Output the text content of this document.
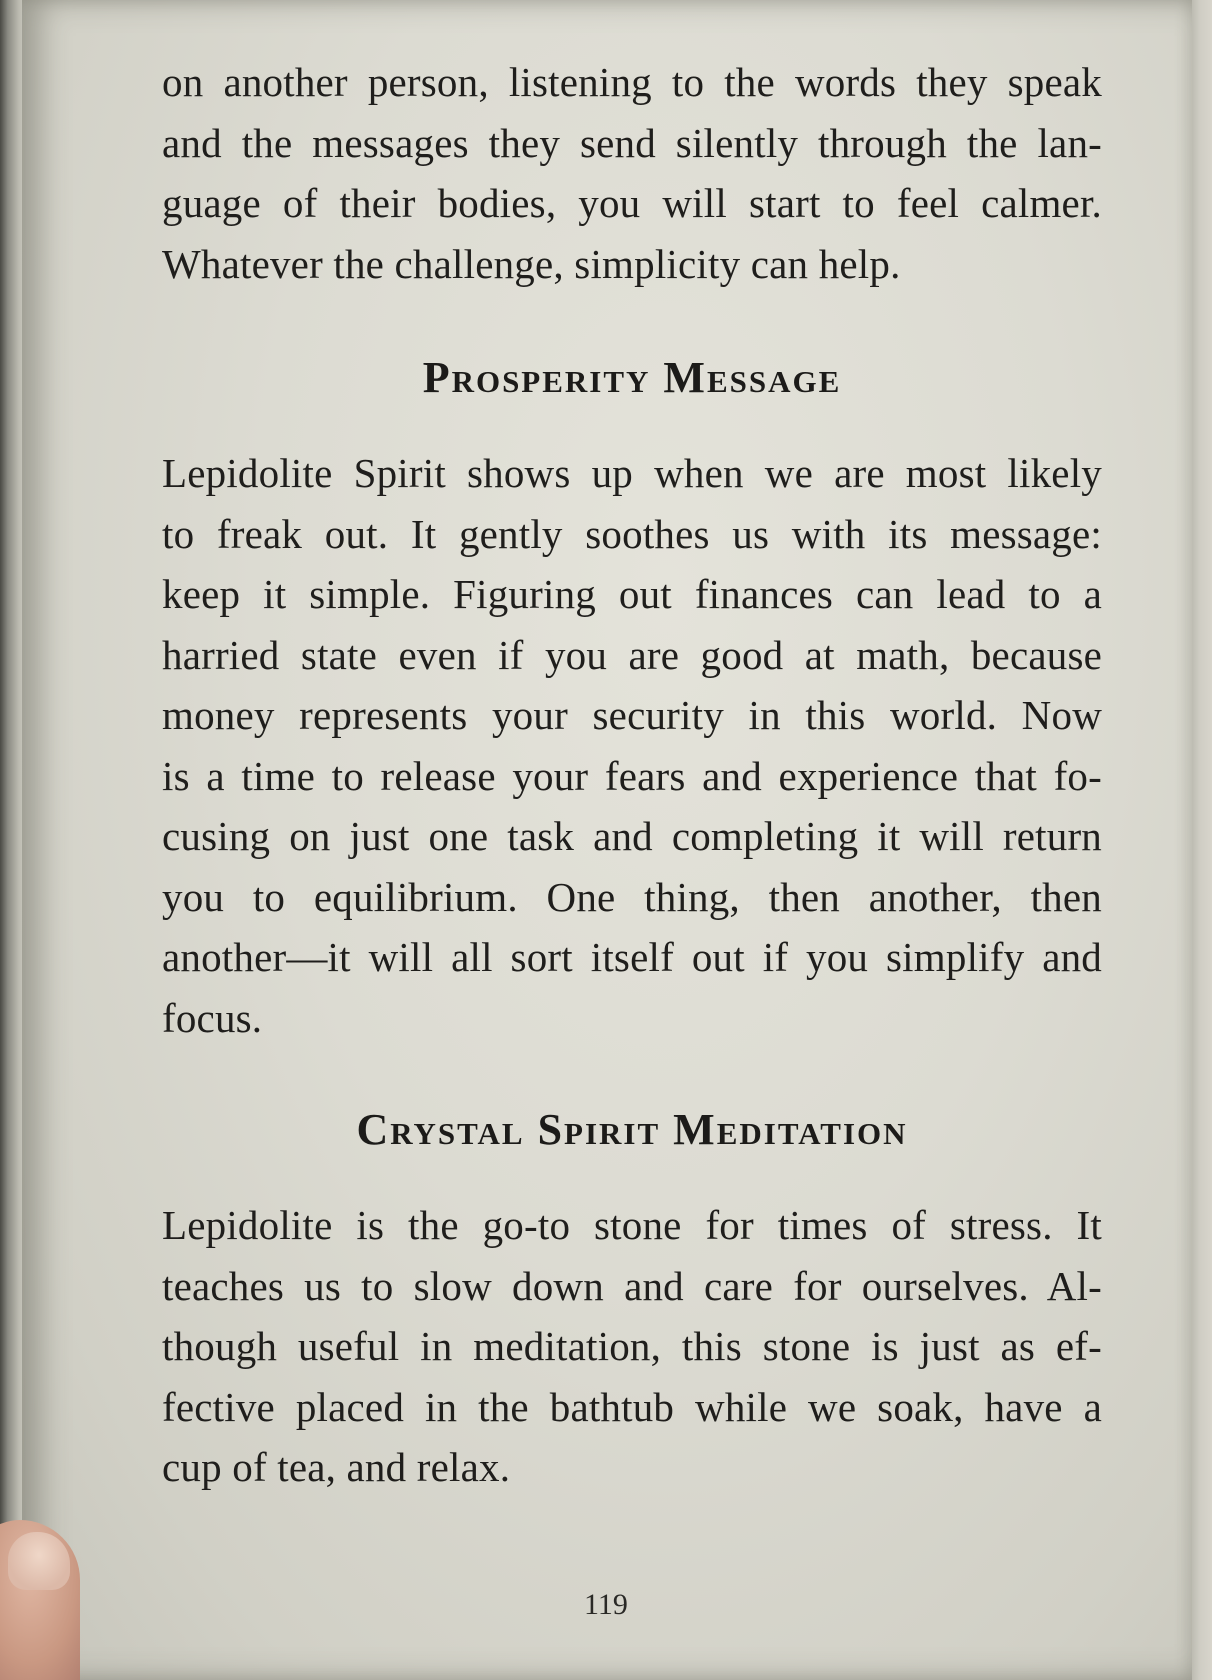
on another person, listening to the words they speak
and the messages they send silently through the lan-
guage of their bodies, you will start to feel calmer.
Whatever the challenge, simplicity can help.

Prosperity Message

Lepidolite Spirit shows up when we are most likely
to freak out. It gently soothes us with its message:
keep it simple. Figuring out finances can lead to a
harried state even if you are good at math, because
money represents your security in this world. Now
is a time to release your fears and experience that fo-
cusing on just one task and completing it will return
you to equilibrium. One thing, then another, then
another—it will all sort itself out if you simplify and
focus.

Crystal Spirit Meditation

Lepidolite is the go-to stone for times of stress. It
teaches us to slow down and care for ourselves. Al-
though useful in meditation, this stone is just as ef-
fective placed in the bathtub while we soak, have a
cup of tea, and relax.

119
